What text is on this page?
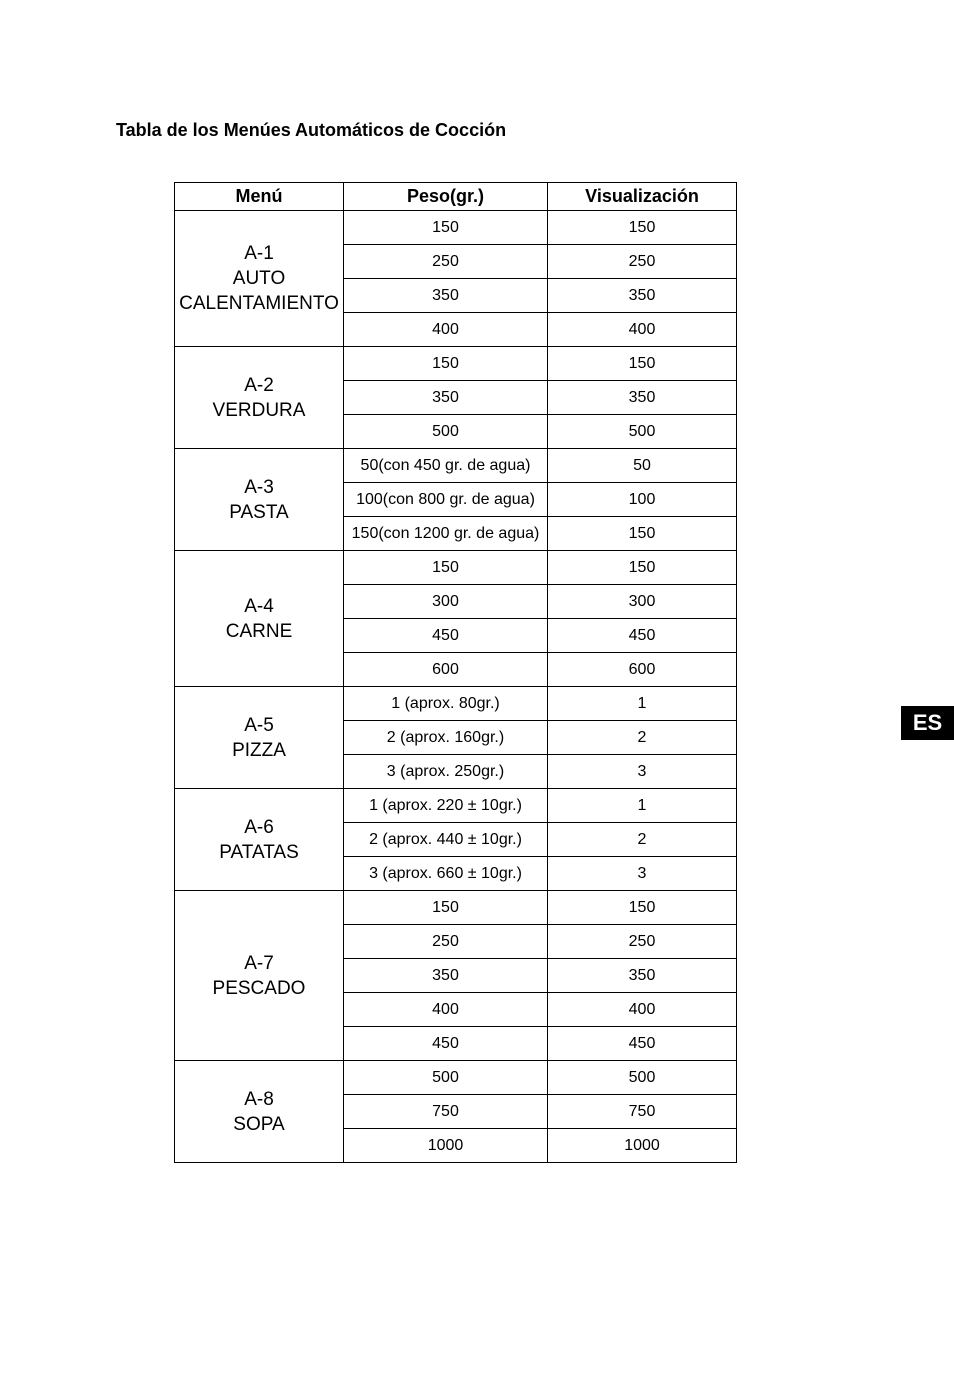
Tabla de los Menúes Automáticos de Cocción
Menú	Peso(gr.)	Visualización

A-1
AUTO
CALENTAMIENTO	150	150
	250	250
	350	350
	400	400

A-2
VERDURA	150	150
	350	350
	500	500

A-3
PASTA	50(con 450 gr. de agua)	50
	100(con 800 gr. de agua)	100
	150(con 1200 gr. de agua)	150

A-4
CARNE	150	150
	300	300
	450	450
	600	600

A-5
PIZZA	1 (aprox. 80gr.)	1
	2 (aprox. 160gr.)	2
	3 (aprox. 250gr.)	3

A-6
PATATAS	1 (aprox. 220 ± 10gr.)	1
	2 (aprox. 440 ± 10gr.)	2
	3 (aprox. 660 ± 10gr.)	3

A-7
PESCADO	150	150
	250	250
	350	350
	400	400
	450	450

A-8
SOPA	500	500
	750	750
	1000	1000
ES
